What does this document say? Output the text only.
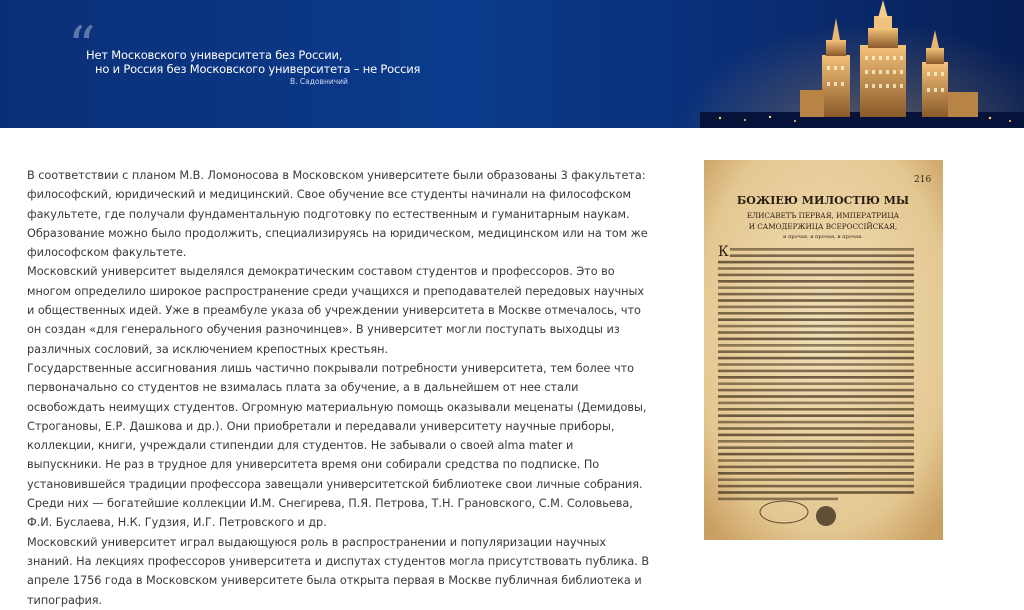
“
Нет Московского университета без России,
но и Россия без Московского университета – не Россия
В. Садовничий

В соответствии с планом М.В. Ломоносова в Московском университете были образованы 3 факультета: философский, юридический и медицинский. Свое обучение все студенты начинали на философском факультете, где получали фундаментальную подготовку по естественным и гуманитарным наукам. Образование можно было продолжить, специализируясь на юридическом, медицинском или на том же философском факультете.

Московский университет выделялся демократическим составом студентов и профессоров. Это во многом определило широкое распространение среди учащихся и преподавателей передовых научных и общественных идей. Уже в преамбуле указа об учреждении университета в Москве отмечалось, что он создан «для генерального обучения разночинцев». В университет могли поступать выходцы из различных сословий, за исключением крепостных крестьян.

Государственные ассигнования лишь частично покрывали потребности университета, тем более что первоначально со студентов не взималась плата за обучение, а в дальнейшем от нее стали освобождать неимущих студентов. Огромную материальную помощь оказывали меценаты (Демидовы, Строгановы, Е.Р. Дашкова и др.). Они приобретали и передавали университету научные приборы, коллекции, книги, учреждали стипендии для студентов. Не забывали о своей alma mater и выпускники. Не раз в трудное для университета время они собирали средства по подписке. По установившейся традиции профессора завещали университетской библиотеке свои личные собрания. Среди них — богатейшие коллекции И.М. Снегирева, П.Я. Петрова, Т.Н. Грановского, С.М. Соловьева, Ф.И. Буслаева, Н.К. Гудзия, И.Г. Петровского и др.

Московский университет играл выдающуюся роль в распространении и популяризации научных знаний. На лекциях профессоров университета и диспутах студентов могла присутствовать публика. В апреле 1756 года в Московском университете была открыта первая в Москве публичная библиотека и типография.

216
БОЖІЕЮ МИЛОСТІЮ МЫ
ЕЛИСАВЕТЪ ПЕРВАЯ, ИМПЕРАТРИЦА
И САМОДЕРЖИЦА ВСЕРОССІЙСКАЯ,
и прочая, и прочая, и прочая.
К
